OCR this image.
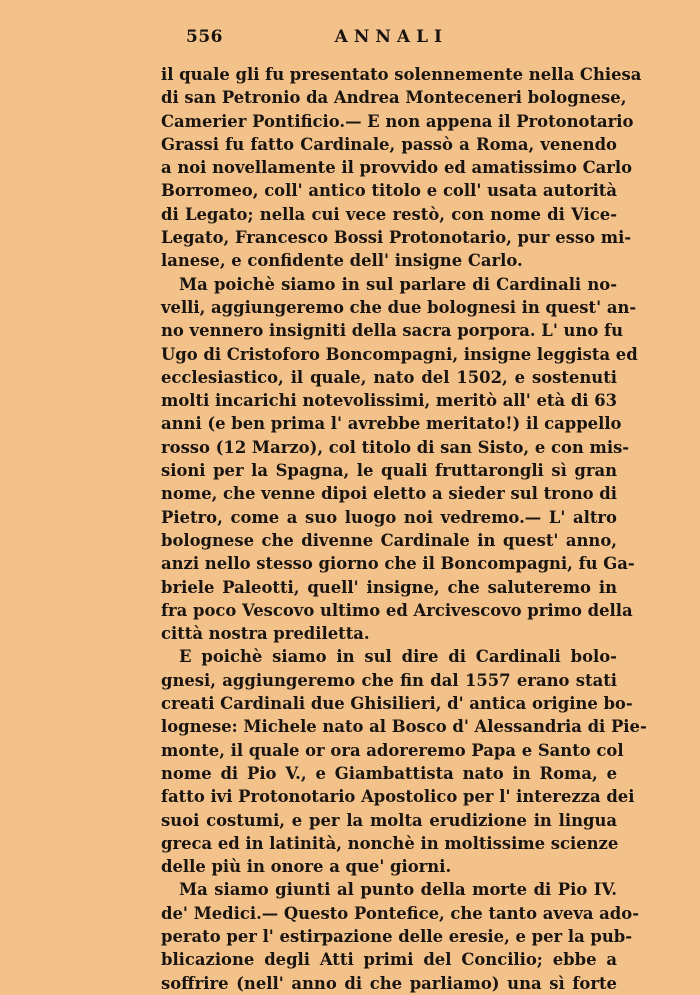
556	ANNALI

il quale gli fu presentato solennemente nella Chiesa
di san Petronio da Andrea Monteceneri bolognese,
Camerier Pontificio.— E non appena il Protonotario
Grassi fu fatto Cardinale, passò a Roma, venendo
a noi novellamente il provvido ed amatissimo Carlo
Borromeo, coll' antico titolo e coll' usata autorità
di Legato; nella cui vece restò, con nome di Vice-
Legato, Francesco Bossi Protonotario, pur esso mi-
lanese, e confidente dell' insigne Carlo.

Ma poichè siamo in sul parlare di Cardinali no-
velli, aggiungeremo che due bolognesi in quest' an-
no vennero insigniti della sacra porpora. L' uno fu
Ugo di Cristoforo Boncompagni, insigne leggista ed
ecclesiastico, il quale, nato del 1502, e sostenuti
molti incarichi notevolissimi, meritò all' età di 63
anni (e ben prima l' avrebbe meritato!) il cappello
rosso (12 Marzo), col titolo di san Sisto, e con mis-
sioni per la Spagna, le quali fruttarongli sì gran
nome, che venne dipoi eletto a sieder sul trono di
Pietro, come a suo luogo noi vedremo.— L' altro
bolognese che divenne Cardinale in quest' anno,
anzi nello stesso giorno che il Boncompagni, fu Ga-
briele Paleotti, quell' insigne, che saluteremo in
fra poco Vescovo ultimo ed Arcivescovo primo della
città nostra prediletta.

E poichè siamo in sul dire di Cardinali bolo-
gnesi, aggiungeremo che fin dal 1557 erano stati
creati Cardinali due Ghisilieri, d' antica origine bo-
lognese: Michele nato al Bosco d' Alessandria di Pie-
monte, il quale or ora adoreremo Papa e Santo col
nome di Pio V., e Giambattista nato in Roma, e
fatto ivi Protonotario Apostolico per l' interezza dei
suoi costumi, e per la molta erudizione in lingua
greca ed in latinità, nonchè in moltissime scienze
delle più in onore a que' giorni.

Ma siamo giunti al punto della morte di Pio IV.
de' Medici.— Questo Pontefice, che tanto aveva ado-
perato per l' estirpazione delle eresie, e per la pub-
blicazione degli Atti primi del Concilio; ebbe a
soffrire (nell' anno di che parliamo) una sì forte
